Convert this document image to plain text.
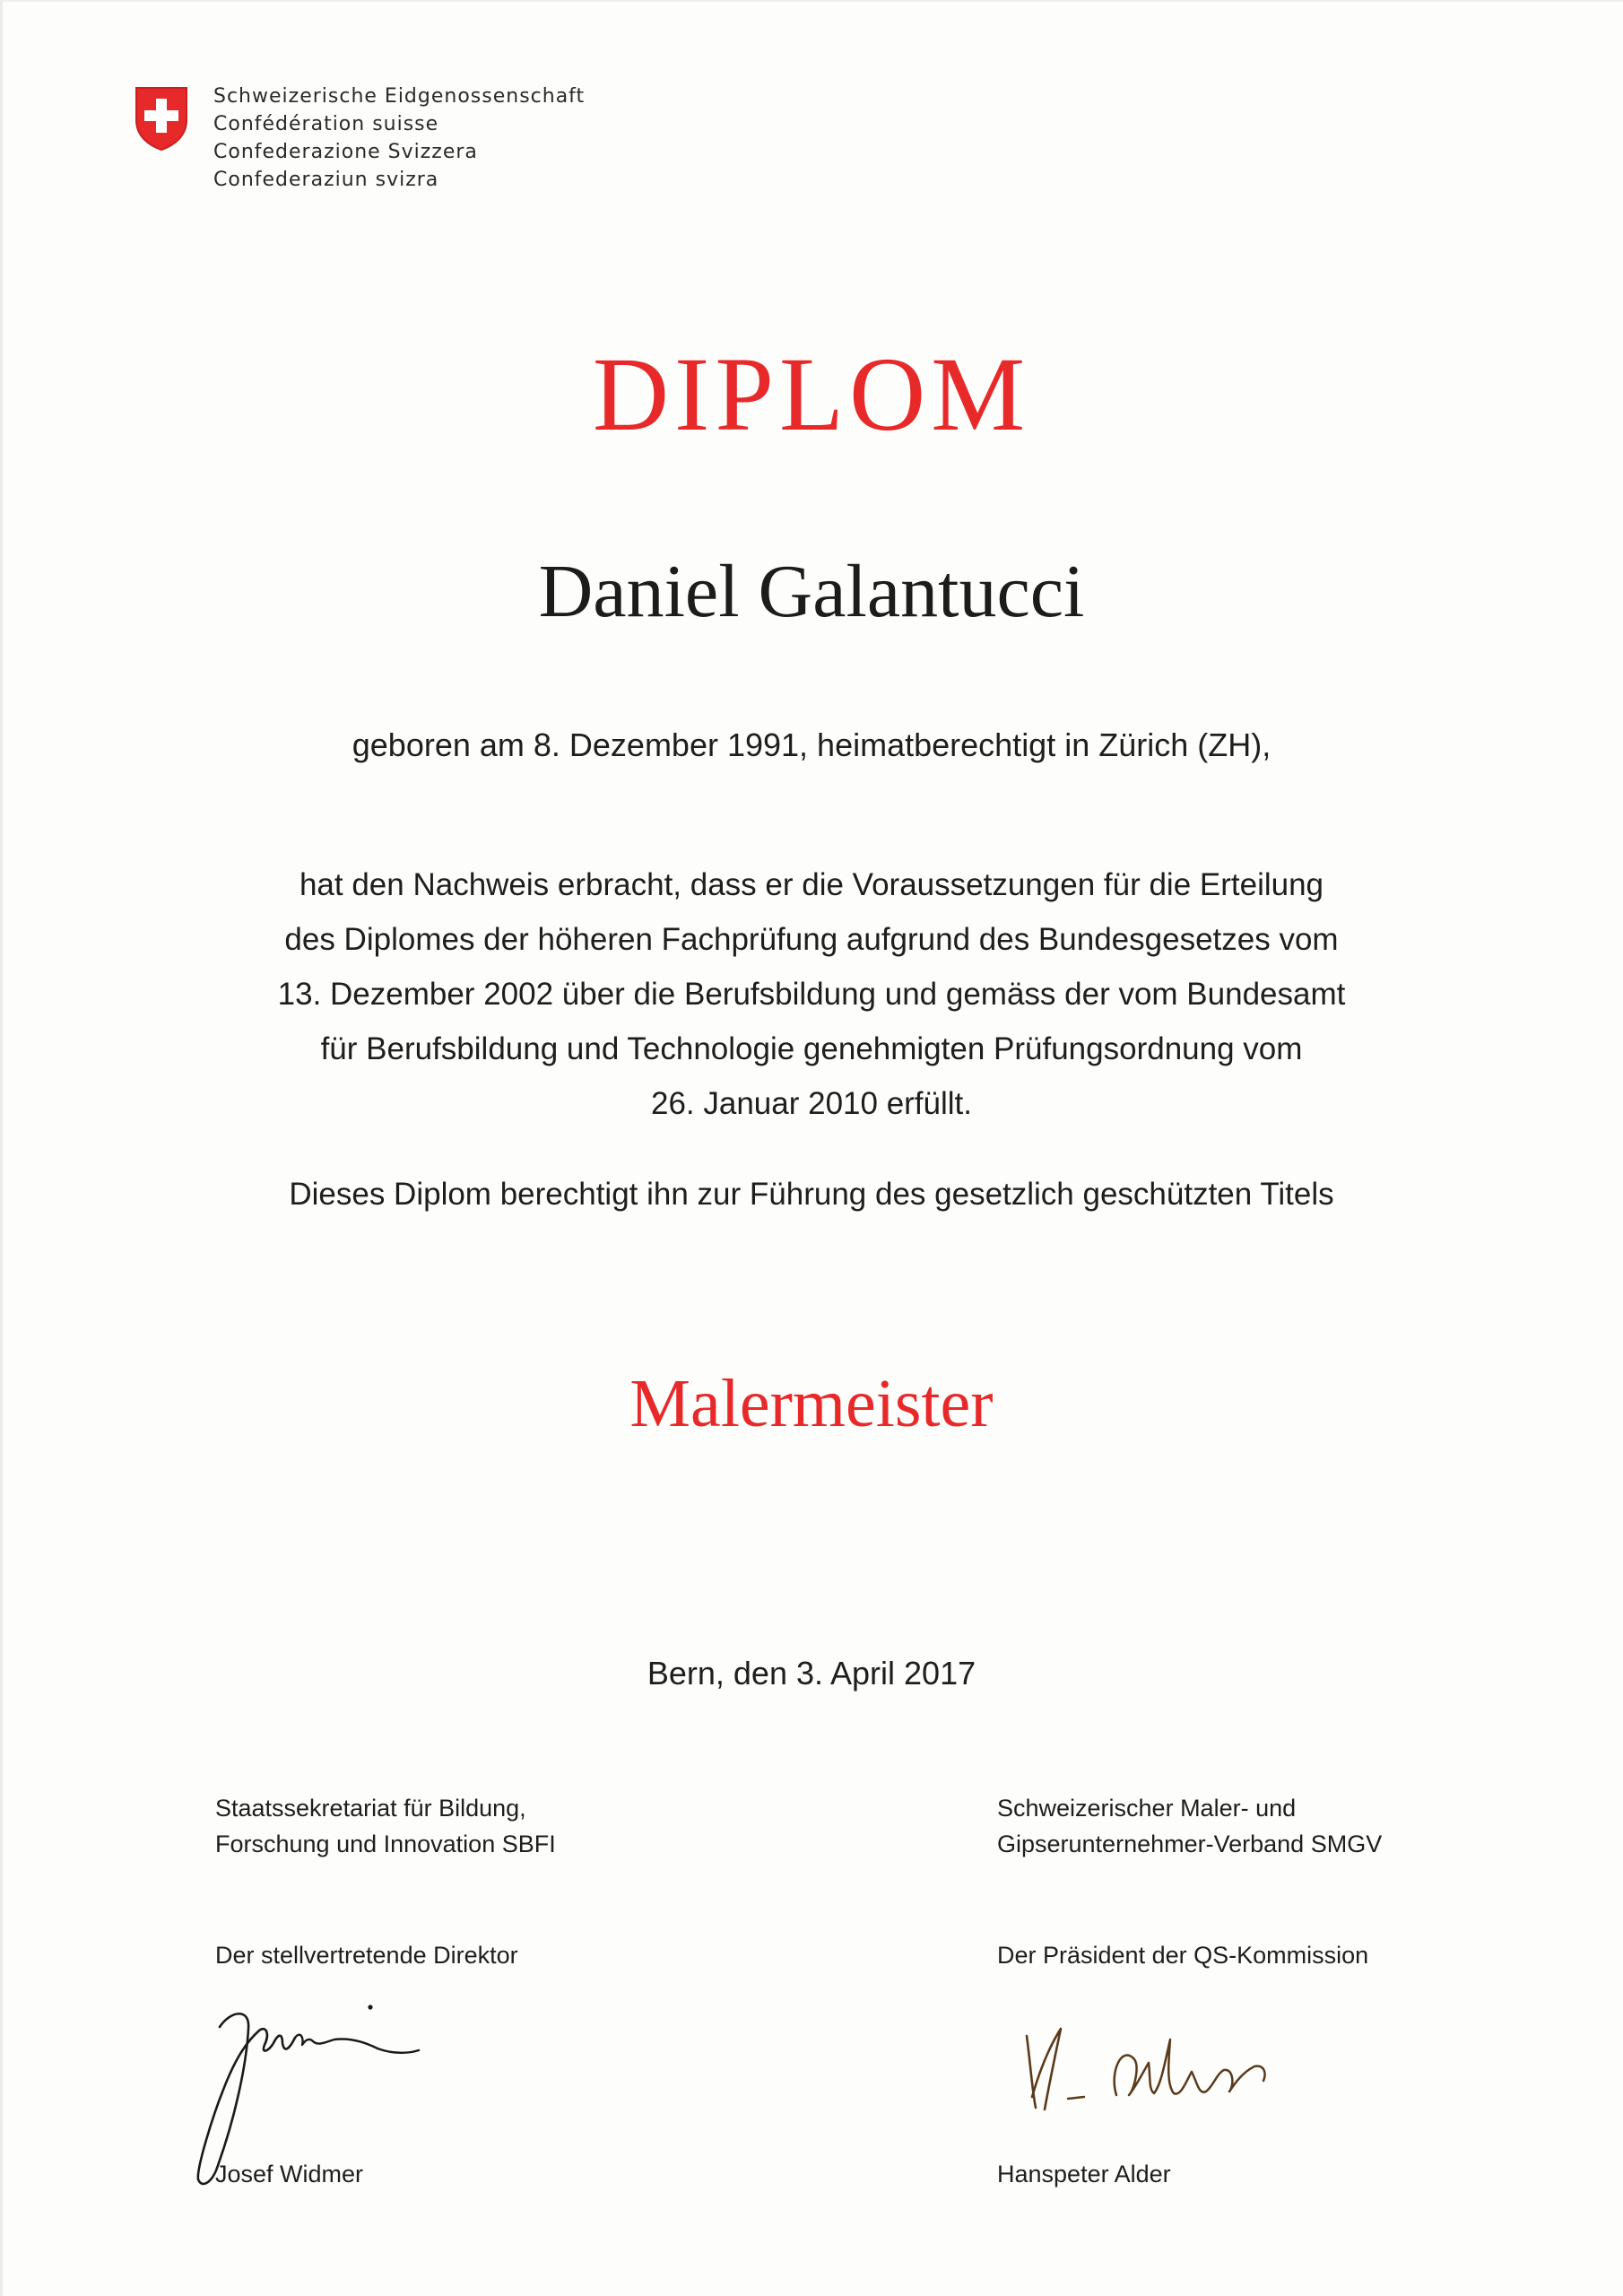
Schweizerische Eidgenossenschaft
Confédération suisse
Confederazione Svizzera
Confederaziun svizra
DIPLOM
Daniel Galantucci
geboren am 8. Dezember 1991, heimatberechtigt in Zürich (ZH),
hat den Nachweis erbracht, dass er die Voraussetzungen für die Erteilung
des Diplomes der höheren Fachprüfung aufgrund des Bundesgesetzes vom
13. Dezember 2002 über die Berufsbildung und gemäss der vom Bundesamt
für Berufsbildung und Technologie genehmigten Prüfungsordnung vom
26. Januar 2010 erfüllt.
Dieses Diplom berechtigt ihn zur Führung des gesetzlich geschützten Titels
Malermeister
Bern, den 3. April 2017
Staatssekretariat für Bildung,
Forschung und Innovation SBFI
Der stellvertretende Direktor
Josef Widmer
Schweizerischer Maler- und
Gipserunternehmer-Verband SMGV
Der Präsident der QS-Kommission
Hanspeter Alder
